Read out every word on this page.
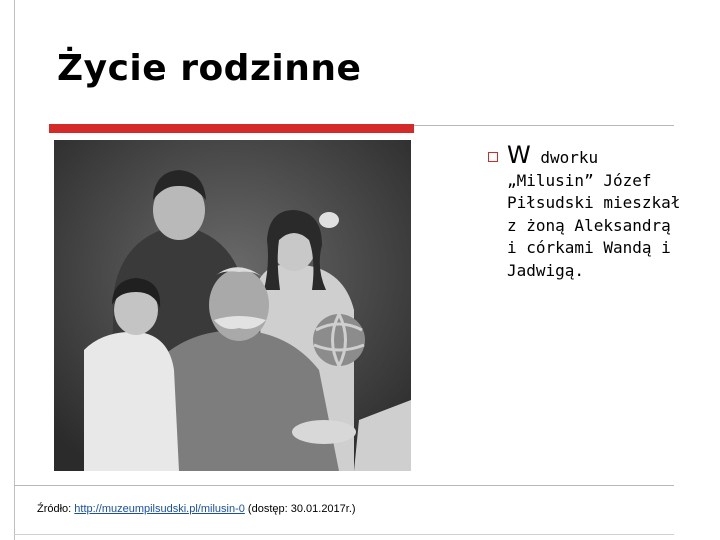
Życie rodzinne
W dworku
„Milusin” Józef Piłsudski mieszkał z żoną Aleksandrą i córkami Wandą i Jadwigą.
Źródło: http://muzeumpilsudski.pl/milusin-0 (dostęp: 30.01.2017r.)
